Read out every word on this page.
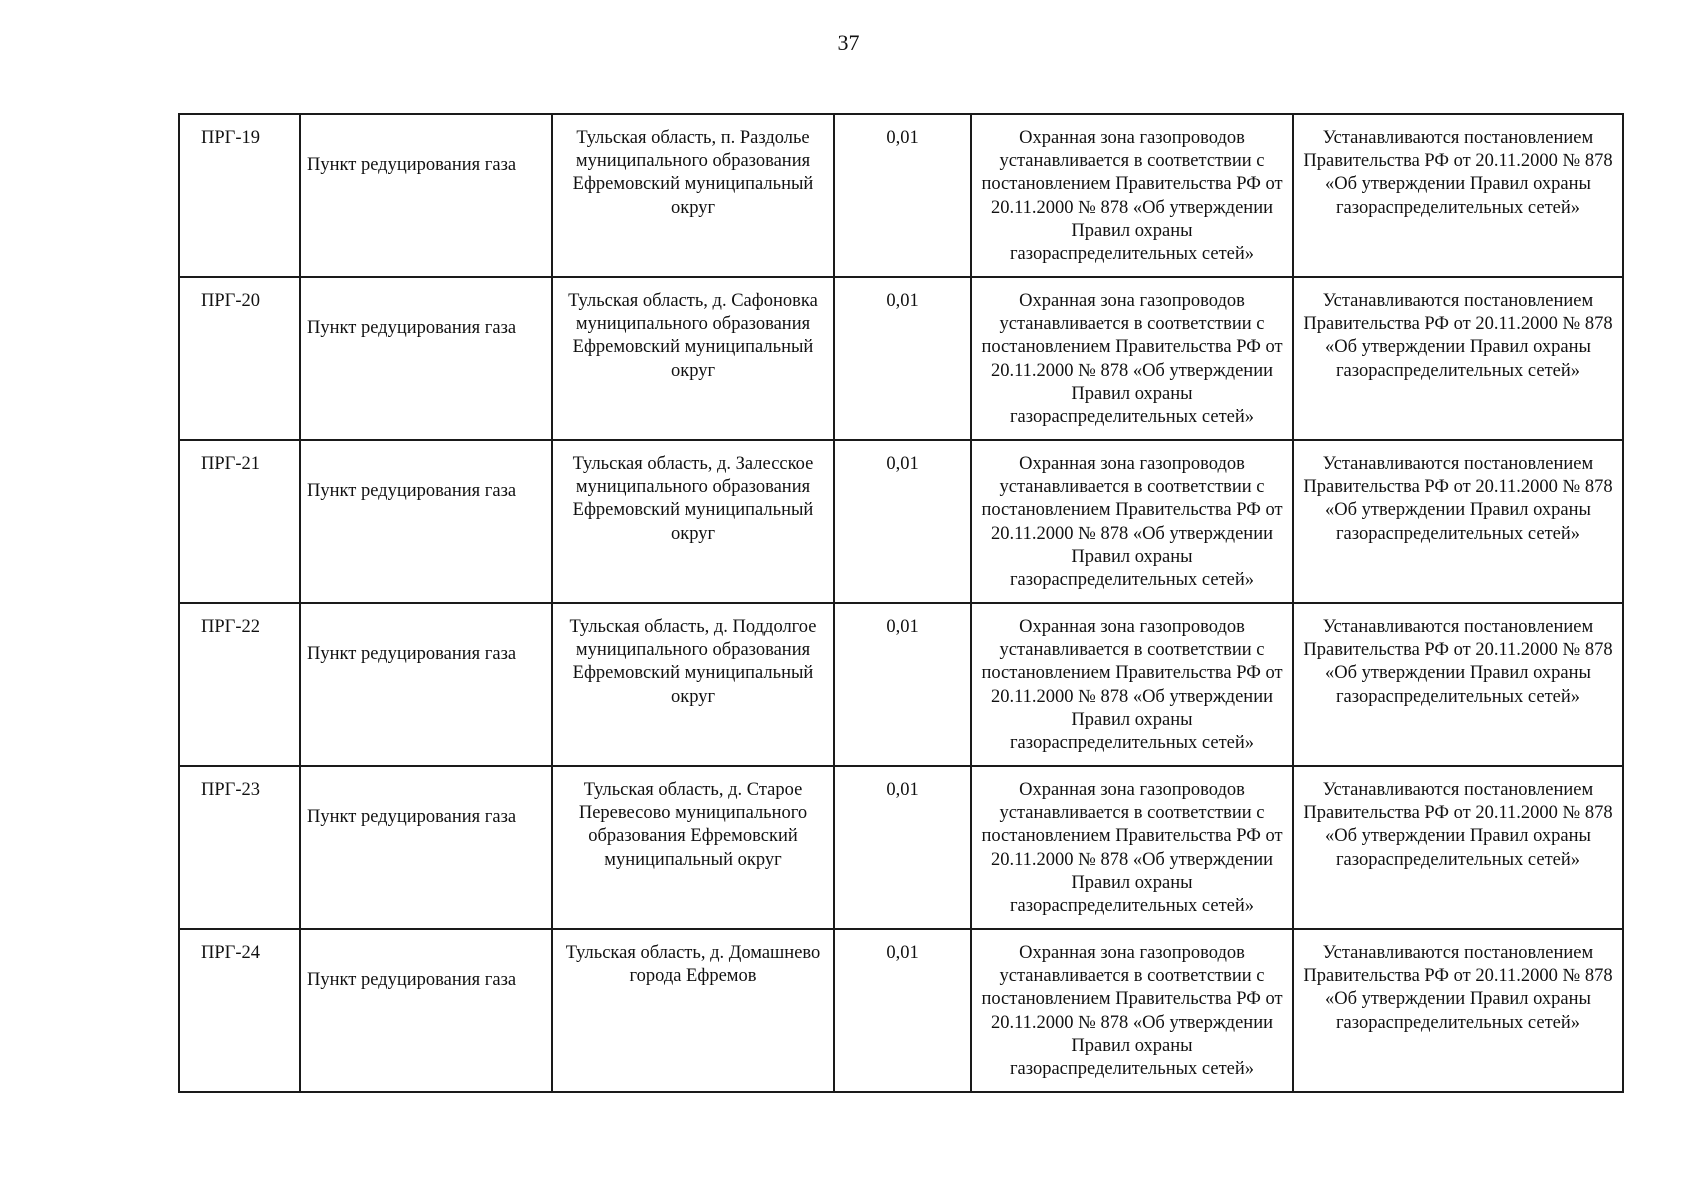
37
ПРГ-19	Пункт редуцирования газа	Тульская область, п. Раздолье муниципального образования Ефремовский муниципальный округ	0,01	Охранная зона газопроводов устанавливается в соответствии с постановлением Правительства РФ от 20.11.2000 № 878 «Об утверждении Правил охраны газораспределительных сетей»	Устанавливаются постановлением Правительства РФ от 20.11.2000 № 878 «Об утверждении Правил охраны газораспределительных сетей»

ПРГ-20	Пункт редуцирования газа	Тульская область, д. Сафоновка муниципального образования Ефремовский муниципальный округ	0,01	Охранная зона газопроводов устанавливается в соответствии с постановлением Правительства РФ от 20.11.2000 № 878 «Об утверждении Правил охраны газораспределительных сетей»	Устанавливаются постановлением Правительства РФ от 20.11.2000 № 878 «Об утверждении Правил охраны газораспределительных сетей»

ПРГ-21	Пункт редуцирования газа	Тульская область, д. Залесское муниципального образования Ефремовский муниципальный округ	0,01	Охранная зона газопроводов устанавливается в соответствии с постановлением Правительства РФ от 20.11.2000 № 878 «Об утверждении Правил охраны газораспределительных сетей»	Устанавливаются постановлением Правительства РФ от 20.11.2000 № 878 «Об утверждении Правил охраны газораспределительных сетей»

ПРГ-22	Пункт редуцирования газа	Тульская область, д. Поддолгое муниципального образования Ефремовский муниципальный округ	0,01	Охранная зона газопроводов устанавливается в соответствии с постановлением Правительства РФ от 20.11.2000 № 878 «Об утверждении Правил охраны газораспределительных сетей»	Устанавливаются постановлением Правительства РФ от 20.11.2000 № 878 «Об утверждении Правил охраны газораспределительных сетей»

ПРГ-23	Пункт редуцирования газа	Тульская область, д. Старое Перевесово муниципального образования Ефремовский муниципальный округ	0,01	Охранная зона газопроводов устанавливается в соответствии с постановлением Правительства РФ от 20.11.2000 № 878 «Об утверждении Правил охраны газораспределительных сетей»	Устанавливаются постановлением Правительства РФ от 20.11.2000 № 878 «Об утверждении Правил охраны газораспределительных сетей»

ПРГ-24	Пункт редуцирования газа	Тульская область, д. Домашнево города Ефремов	0,01	Охранная зона газопроводов устанавливается в соответствии с постановлением Правительства РФ от 20.11.2000 № 878 «Об утверждении Правил охраны газораспределительных сетей»	Устанавливаются постановлением Правительства РФ от 20.11.2000 № 878 «Об утверждении Правил охраны газораспределительных сетей»
